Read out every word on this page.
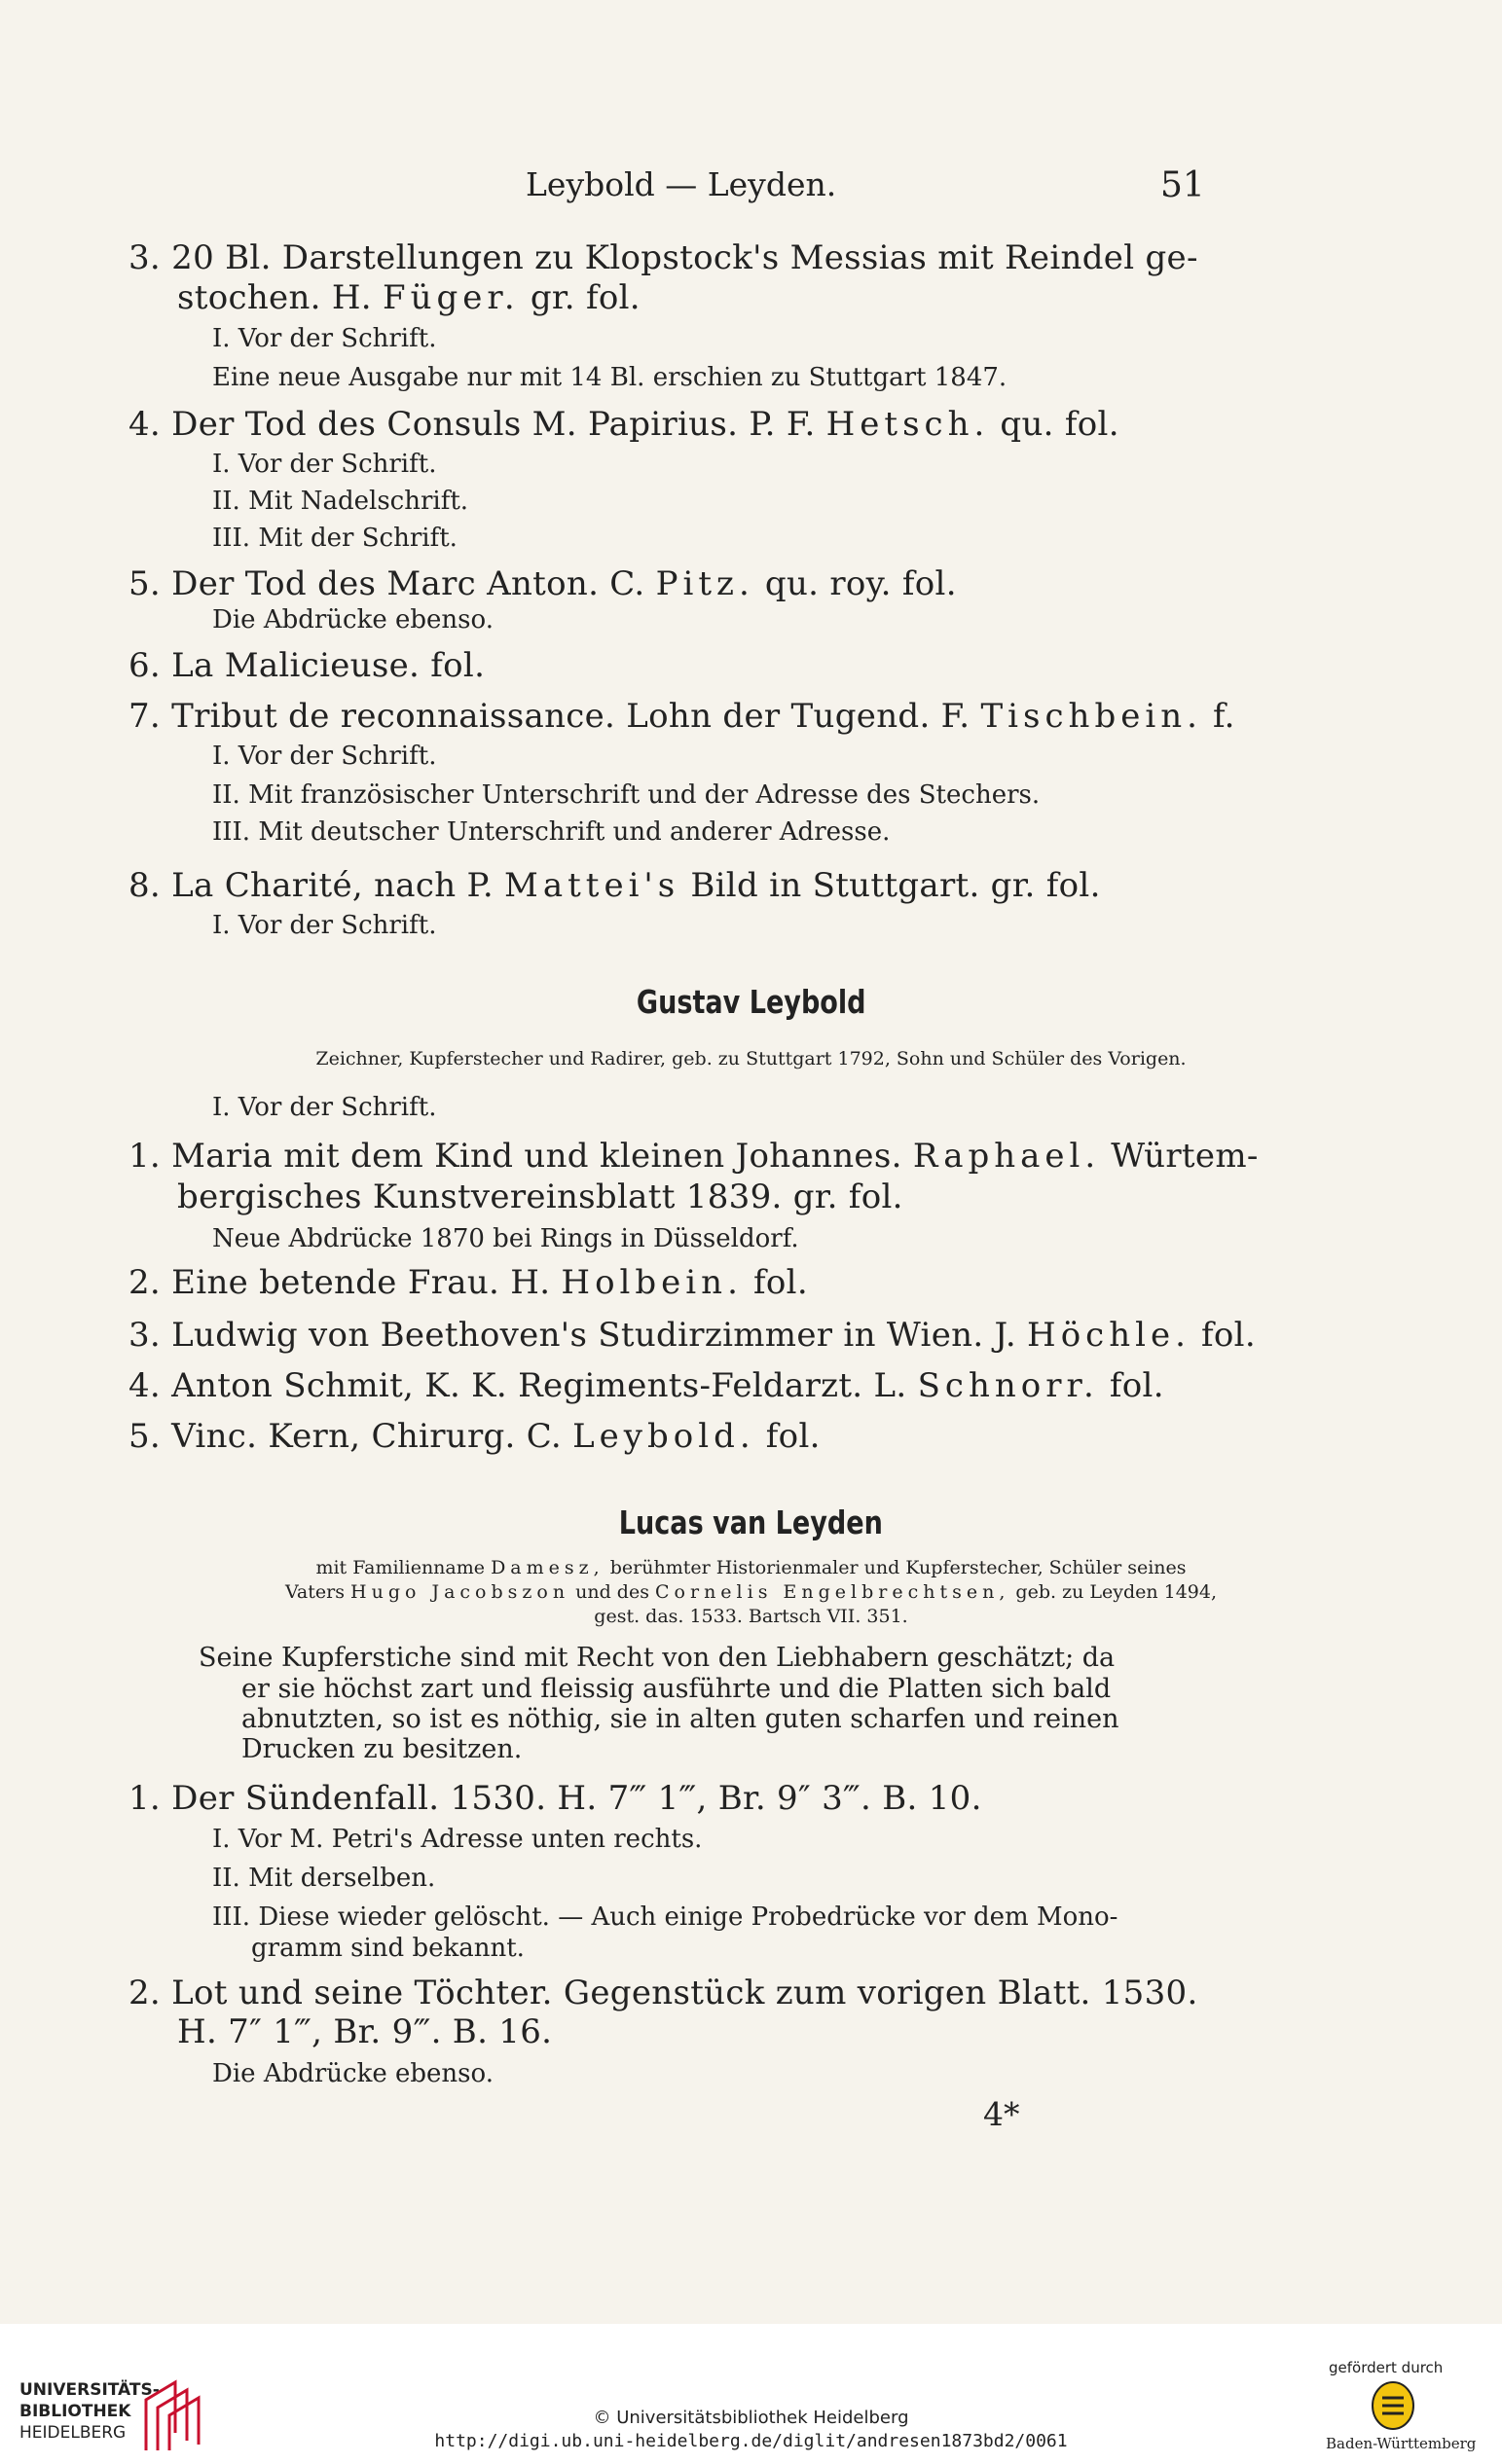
Leybold — Leyden.	51
3. 20 Bl. Darstellungen zu Klopstock's Messias mit Reindel ge-
stochen. H. Füger. gr. fol.
I. Vor der Schrift.
Eine neue Ausgabe nur mit 14 Bl. erschien zu Stuttgart 1847.
4. Der Tod des Consuls M. Papirius. P. F. Hetsch. qu. fol.
I. Vor der Schrift.
II. Mit Nadelschrift.
III. Mit der Schrift.
5. Der Tod des Marc Anton. C. Pitz. qu. roy. fol.
Die Abdrücke ebenso.
6. La Malicieuse. fol.
7. Tribut de reconnaissance. Lohn der Tugend. F. Tischbein. f.
I. Vor der Schrift.
II. Mit französischer Unterschrift und der Adresse des Stechers.
III. Mit deutscher Unterschrift und anderer Adresse.
8. La Charité, nach P. Mattei's Bild in Stuttgart. gr. fol.
I. Vor der Schrift.
Gustav Leybold
Zeichner, Kupferstecher und Radirer, geb. zu Stuttgart 1792, Sohn und Schüler des Vorigen.
I. Vor der Schrift.
1. Maria mit dem Kind und kleinen Johannes. Raphael. Würtem-
bergisches Kunstvereinsblatt 1839. gr. fol.
Neue Abdrücke 1870 bei Rings in Düsseldorf.
2. Eine betende Frau. H. Holbein. fol.
3. Ludwig von Beethoven's Studirzimmer in Wien. J. Höchle. fol.
4. Anton Schmit, K. K. Regiments-Feldarzt. L. Schnorr. fol.
5. Vinc. Kern, Chirurg. C. Leybold. fol.
Lucas van Leyden
mit Familienname Damesz, berühmter Historienmaler und Kupferstecher, Schüler seines
Vaters Hugo Jacobszon und des Cornelis Engelbrechtsen, geb. zu Leyden 1494,
gest. das. 1533. Bartsch VII. 351.
Seine Kupferstiche sind mit Recht von den Liebhabern geschätzt; da
er sie höchst zart und fleissig ausführte und die Platten sich bald
abnutzten, so ist es nöthig, sie in alten guten scharfen und reinen
Drucken zu besitzen.
1. Der Sündenfall. 1530. H. 7‴ 1‴, Br. 9″ 3‴. B. 10.
I. Vor M. Petri's Adresse unten rechts.
II. Mit derselben.
III. Diese wieder gelöscht. — Auch einige Probedrücke vor dem Mono-
gramm sind bekannt.
2. Lot und seine Töchter. Gegenstück zum vorigen Blatt. 1530.
H. 7″ 1‴, Br. 9‴. B. 16.
Die Abdrücke ebenso.
4*
UNIVERSITÄTS-
BIBLIOTHEK
HEIDELBERG
© Universitätsbibliothek Heidelberg
http://digi.ub.uni-heidelberg.de/diglit/andresen1873bd2/0061
gefördert durch
Baden-Württemberg
